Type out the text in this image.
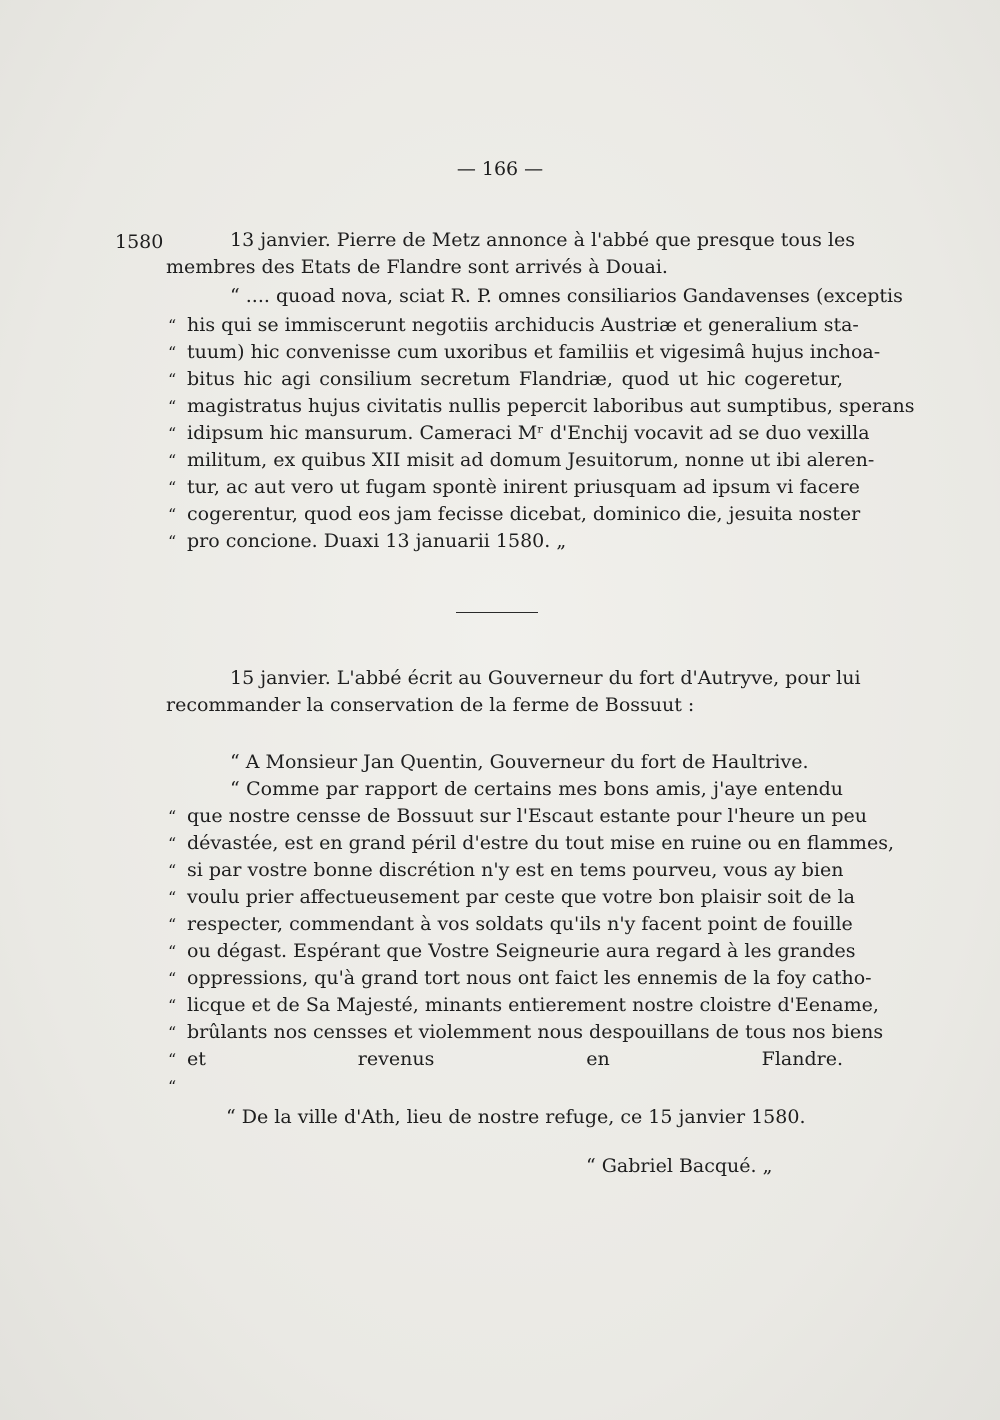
— 166 —
1580	13 janvier. Pierre de Metz annonce à l'abbé que presque tous les
membres des Etats de Flandre sont arrivés à Douai.
“ .... quoad nova, sciat R. P. omnes consiliarios Gandavenses (exceptis
“ his qui se immiscerunt negotiis archiducis Austriæ et generalium sta-
“ tuum) hic convenisse cum uxoribus et familiis et vigesimâ hujus inchoa-
“ bitus hic agi consilium secretum Flandriæ, quod ut hic cogeretur,
“ magistratus hujus civitatis nullis pepercit laboribus aut sumptibus, sperans
“ idipsum hic mansurum. Cameraci Mʳ d'Enchij vocavit ad se duo vexilla
“ militum, ex quibus XII misit ad domum Jesuitorum, nonne ut ibi aleren-
“ tur, ac aut vero ut fugam spontè inirent priusquam ad ipsum vi facere
“ cogerentur, quod eos jam fecisse dicebat, dominico die, jesuita noster
“ pro concione. Duaxi 13 januarii 1580. „
15 janvier. L'abbé écrit au Gouverneur du fort d'Autryve, pour lui
recommander la conservation de la ferme de Bossuut :
“ A Monsieur Jan Quentin, Gouverneur du fort de Haultrive.
“ Comme par rapport de certains mes bons amis, j'aye entendu
“ que nostre censse de Bossuut sur l'Escaut estante pour l'heure un peu
“ dévastée, est en grand péril d'estre du tout mise en ruine ou en flammes,
“ si par vostre bonne discrétion n'y est en tems pourveu, vous ay bien
“ voulu prier affectueusement par ceste que votre bon plaisir soit de la
“ respecter, commendant à vos soldats qu'ils n'y facent point de fouille
“ ou dégast. Espérant que Vostre Seigneurie aura regard à les grandes
“ oppressions, qu'à grand tort nous ont faict les ennemis de la foy catho-
“ licque et de Sa Majesté, minants entierement nostre cloistre d'Eename,
“ brûlants nos censses et violemment nous despouillans de tous nos biens
“ et revenus en Flandre.
“
“ De la ville d'Ath, lieu de nostre refuge, ce 15 janvier 1580.
“ Gabriel Bacqué. „
